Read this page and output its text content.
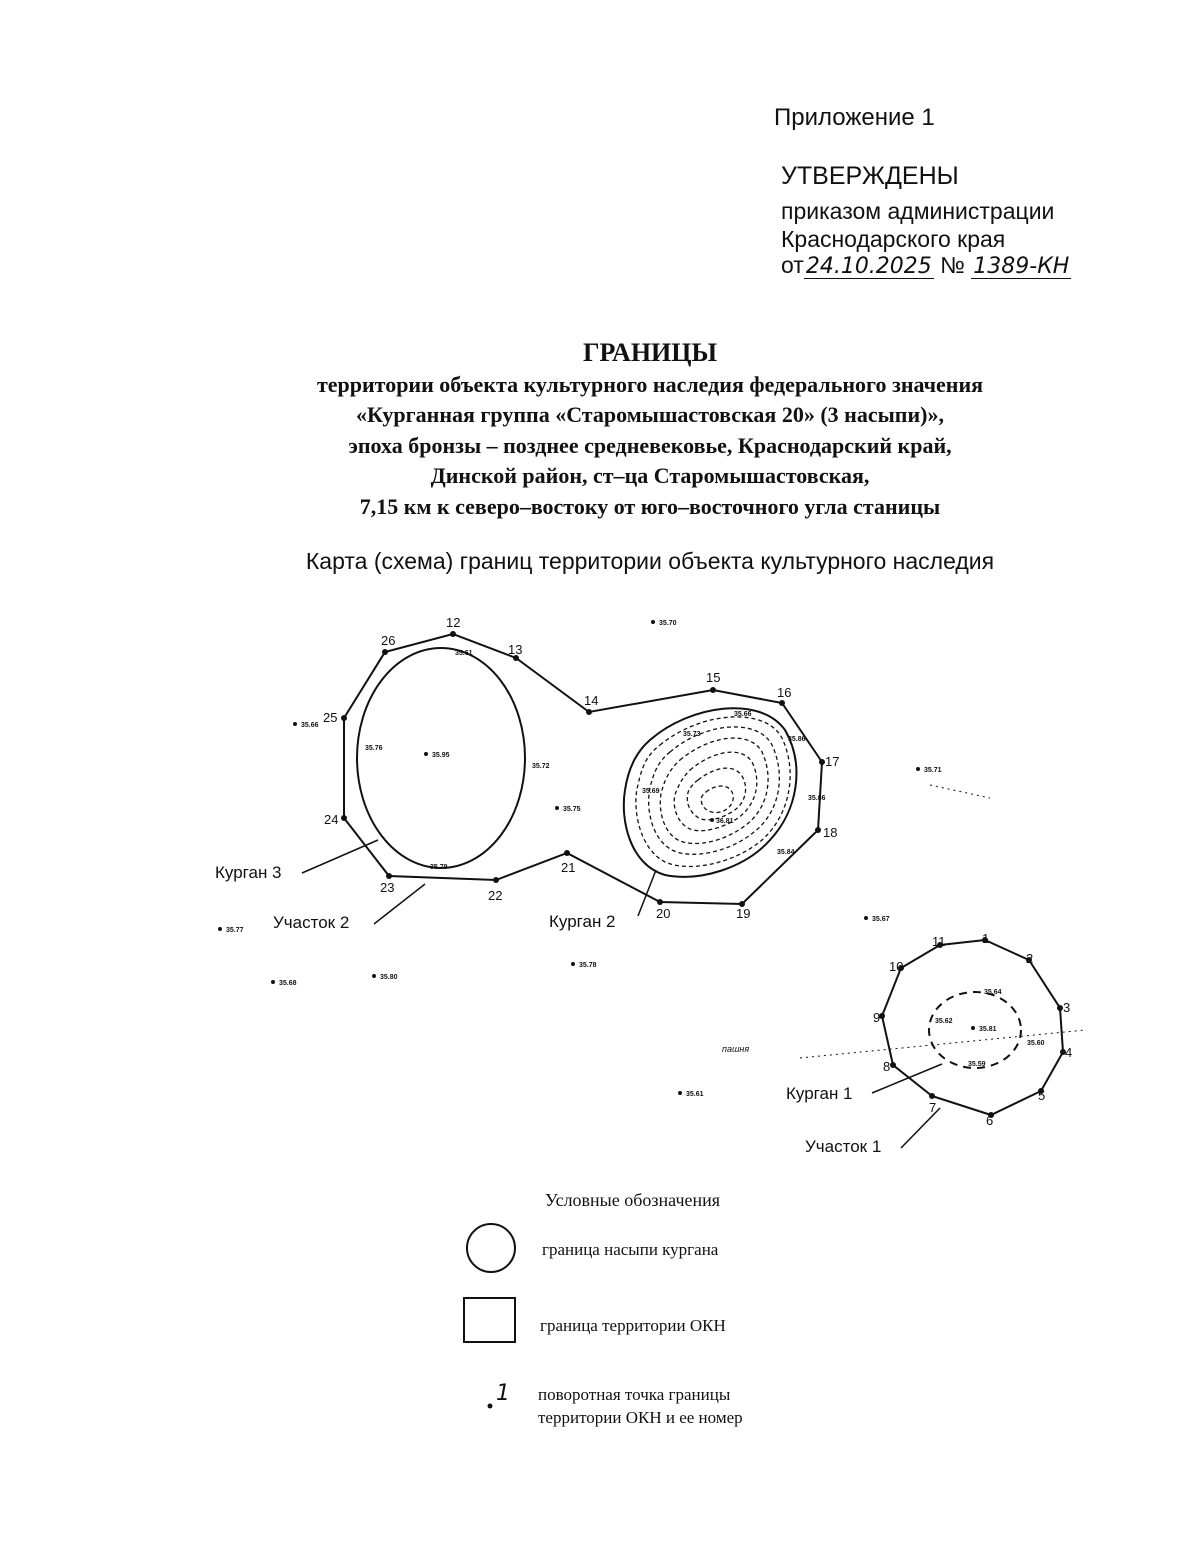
Приложение 1
УТВЕРЖДЕНЫ
приказом администрации
Краснодарского края
от24.10.2025 № 1389-КН
ГРАНИЦЫ
территории объекта культурного наследия федерального значения
«Курганная группа «Старомышастовская 20» (3 насыпи)»,
эпоха бронзы – позднее средневековье, Краснодарский край,
Динской район, ст–ца Старомышастовская,
7,15 км к северо–востоку от юго–восточного угла станицы
Карта (схема) границ территории объекта культурного наследия
1
2
3
4
5
6
7
8
9
10
11
12
13
14
15
16
17
18
19
20
21
22
23
24
25
26
35.70
35.71
35.66
35.76
35.95
35.72
35.75
35.73
35.69
36.81
35.66
35.86
35.86
35.84
35.77
35.68
35.80
35.78
35.61
35.67
35.62
35.81
35.64
35.60
35.59
35.79
35.61
пашня
Курган 3
Участок 2	Курган 2
Курган 1
Участок 1
1
Условные обозначения
граница насыпи кургана
граница территории ОКН
поворотная точка границы
территории ОКН и ее номер
